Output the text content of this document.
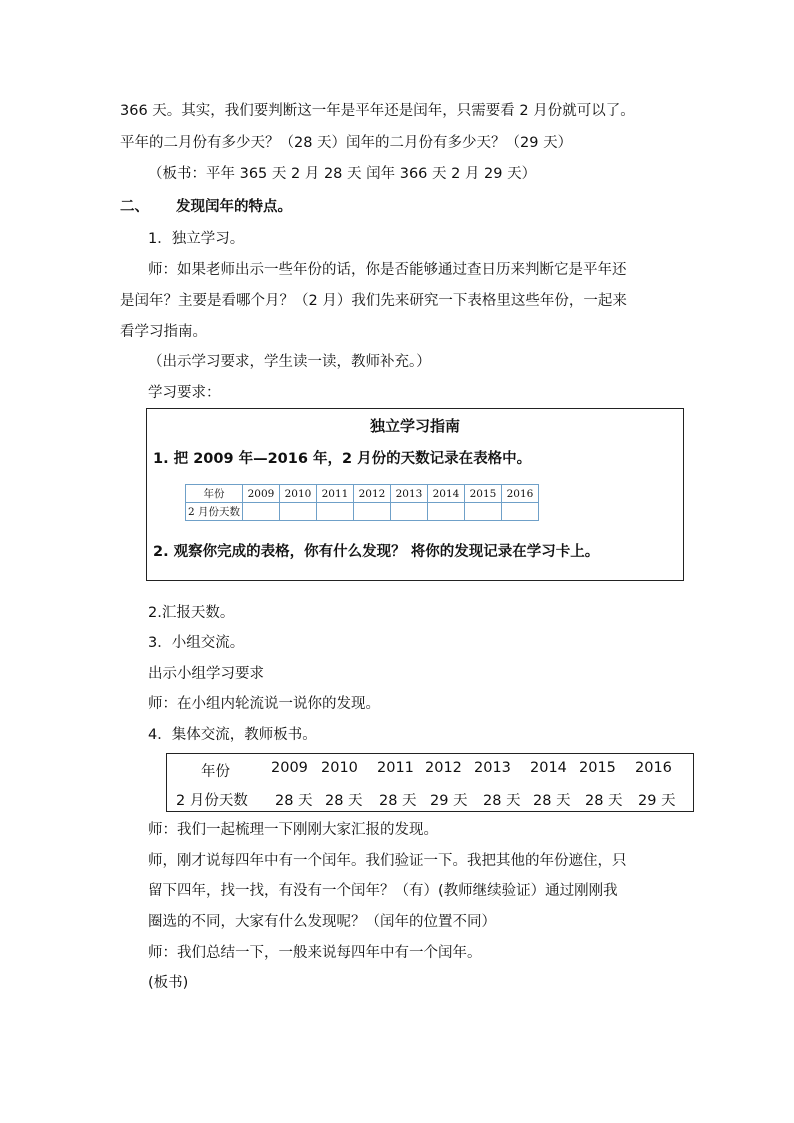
366 天。其实，我们要判断这一年是平年还是闰年，只需要看 2 月份就可以了。
平年的二月份有多少天？（28 天）闰年的二月份有多少天？（29 天）
（板书：平年 365 天 2 月 28 天 闰年 366 天 2 月 29 天）
二、 发现闰年的特点。
1．独立学习。
师：如果老师出示一些年份的话，你是否能够通过查日历来判断它是平年还
是闰年？主要是看哪个月？（2 月）我们先来研究一下表格里这些年份，一起来
看学习指南。
（出示学习要求，学生读一读，教师补充。）
学习要求：
独立学习指南
1. 把 2009 年—2016 年，2 月份的天数记录在表格中。
年份	2009	2010	2011	2012	2013	2014	2015	2016
2 月份天数								
2. 观察你完成的表格，你有什么发现？ 将你的发现记录在学习卡上。
2.汇报天数。
3．小组交流。
出示小组学习要求
师：在小组内轮流说一说你的发现。
4．集体交流，教师板书。
年份	2009 2010 2011 2012 2013 2014 2015 2016
2 月份天数 28 天 28 天 28 天 29 天 28 天 28 天 28 天 29 天
师：我们一起梳理一下刚刚大家汇报的发现。
师，刚才说每四年中有一个闰年。我们验证一下。我把其他的年份遮住，只
留下四年，找一找，有没有一个闰年？（有）(教师继续验证）通过刚刚我
圈选的不同，大家有什么发现呢？（闰年的位置不同）
师：我们总结一下，一般来说每四年中有一个闰年。
(板书)
